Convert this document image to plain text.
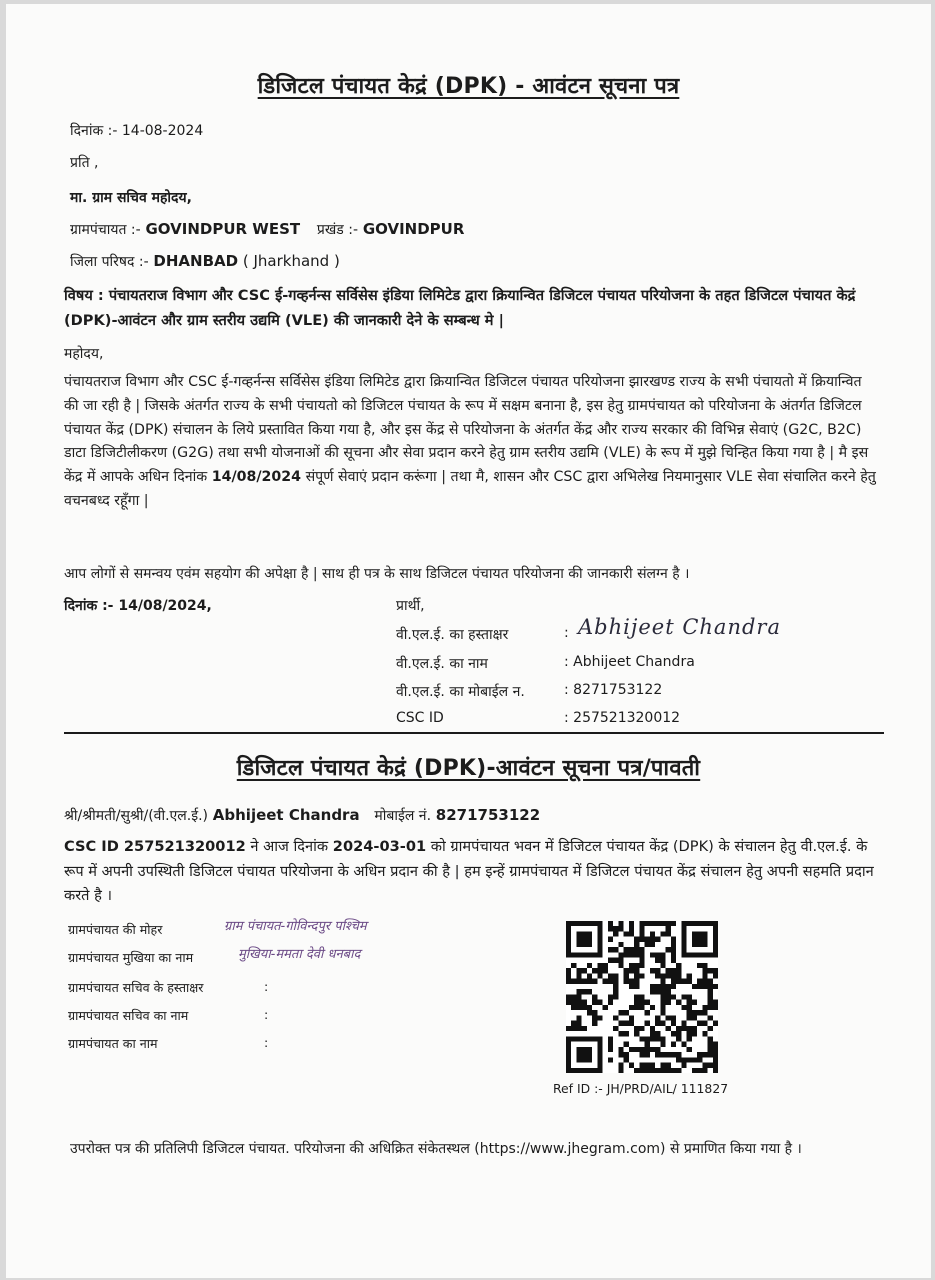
डिजिटल पंचायत केद्रं (DPK) - आवंटन सूचना पत्र
दिनांक :- 14-08-2024
प्रति ,
मा. ग्राम सचिव महोदय,
ग्रामपंचायत :- GOVINDPUR WEST प्रखंड :- GOVINDPUR
जिला परिषद :- DHANBAD ( Jharkhand )
विषय : पंचायतराज विभाग और CSC ई-गव्हर्नन्स सर्विसेस इंडिया लिमिटेड द्वारा क्रियान्वित डिजिटल पंचायत परियोजना के तहत डिजिटल पंचायत केद्रं (DPK)-आवंटन और ग्राम स्तरीय उद्यमि (VLE) की जानकारी देने के सम्बन्ध मे |
महोदय,
पंचायतराज विभाग और CSC ई-गव्हर्नन्स सर्विसेस इंडिया लिमिटेड द्वारा क्रियान्वित डिजिटल पंचायत परियोजना झारखण्ड राज्य के सभी पंचायतो में क्रियान्वित की जा रही है | जिसके अंतर्गत राज्य के सभी पंचायतो को डिजिटल पंचायत के रूप में सक्षम बनाना है, इस हेतु ग्रामपंचायत को परियोजना के अंतर्गत डिजिटल पंचायत केंद्र (DPK) संचालन के लिये प्रस्तावित किया गया है, और इस केंद्र से परियोजना के अंतर्गत केंद्र और राज्य सरकार की विभिन्न सेवाएं (G2C, B2C) डाटा डिजिटीलीकरण (G2G) तथा सभी योजनाओं की सूचना और सेवा प्रदान करने हेतु ग्राम स्तरीय उद्यमि (VLE) के रूप में मुझे चिन्हित किया गया है | मै इस केंद्र में आपके अधिन दिनांक 14/08/2024 संपूर्ण सेवाएं प्रदान करूंगा | तथा मै, शासन और CSC द्वारा अभिलेख नियमानुसार VLE सेवा संचालित करने हेतु वचनबध्द रहूँगा |
आप लोगों से समन्वय एवंम सहयोग की अपेक्षा है | साथ ही पत्र के साथ डिजिटल पंचायत परियोजना की जानकारी संलग्न है ।
दिनांक :- 14/08/2024,	प्रार्थी,
वी.एल.ई. का हस्ताक्षर	: Abhijeet Chandra
वी.एल.ई. का नाम	: Abhijeet Chandra
वी.एल.ई. का मोबाईल न.	: 8271753122
CSC ID	: 257521320012
डिजिटल पंचायत केद्रं (DPK)-आवंटन सूचना पत्र/पावती
श्री/श्रीमती/सुश्री/(वी.एल.ई.) Abhijeet Chandra मोबाईल नं. 8271753122
CSC ID 257521320012 ने आज दिनांक 2024-03-01 को ग्रामपंचायत भवन में डिजिटल पंचायत केंद्र (DPK) के संचालन हेतु वी.एल.ई. के रूप में अपनी उपस्थिती डिजिटल पंचायत परियोजना के अधिन प्रदान की है | हम इन्हें ग्रामपंचायत में डिजिटल पंचायत केंद्र संचालन हेतु अपनी सहमति प्रदान करते है ।
ग्रामपंचायत की मोहर	ग्राम पंचायत-गोविन्दपुर पश्चिम
ग्रामपंचायत मुखिया का नाम	मुखिया-ममता देवी धनबाद
ग्रामपंचायत सचिव के हस्ताक्षर	:
ग्रामपंचायत सचिव का नाम	:
ग्रामपंचायत का नाम	:
Ref ID :- JH/PRD/AIL/ 111827
उपरोक्त पत्र की प्रतिलिपी डिजिटल पंचायत. परियोजना की अधिक्रित संकेतस्थल (https://www.jhegram.com) से प्रमाणित किया गया है ।
